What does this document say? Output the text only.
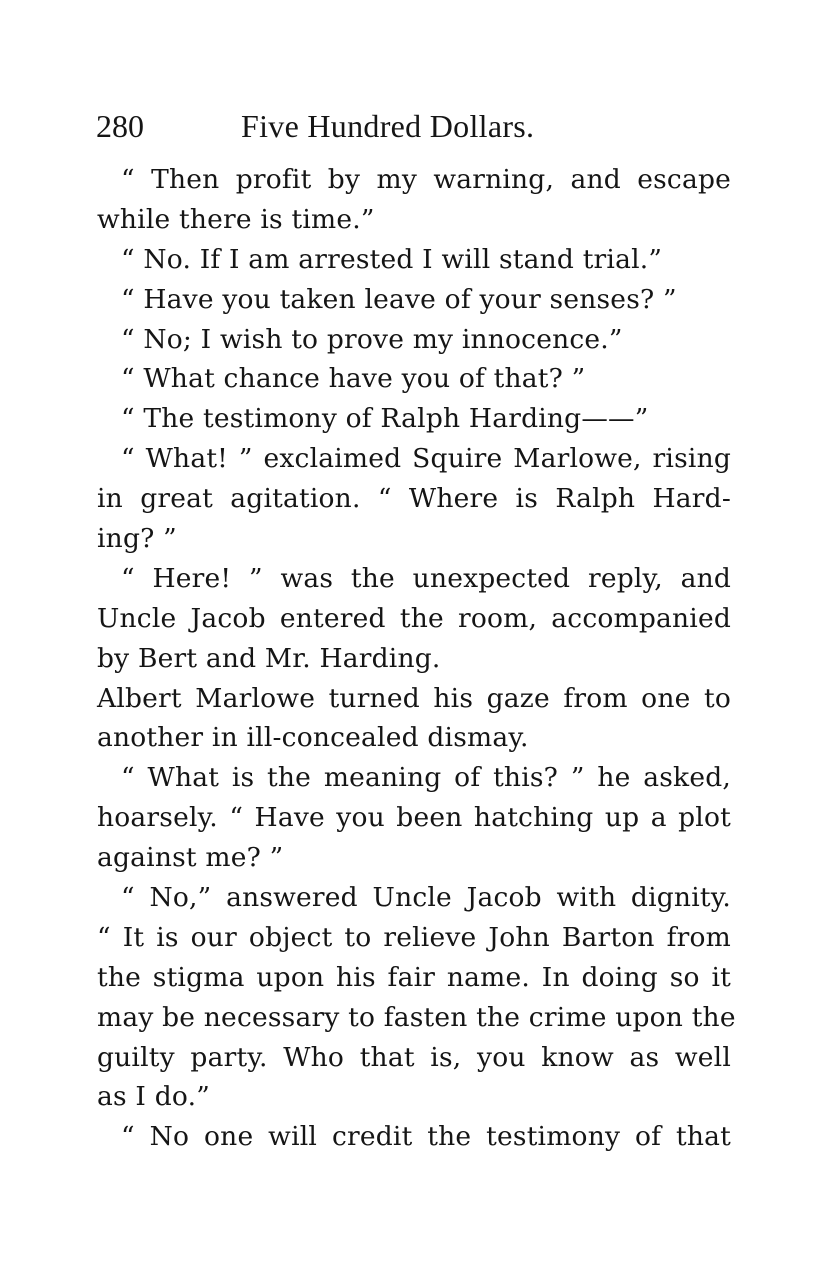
280	Five Hundred Dollars.
“ Then profit by my warning, and escape
while there is time.”
“ No. If I am arrested I will stand trial.”
“ Have you taken leave of your senses? ”
“ No; I wish to prove my innocence.”
“ What chance have you of that? ”
“ The testimony of Ralph Harding——”
“ What! ” exclaimed Squire Marlowe, rising
in great agitation. “ Where is Ralph Hard-
ing? ”
“ Here! ” was the unexpected reply, and
Uncle Jacob entered the room, accompanied
by Bert and Mr. Harding.
Albert Marlowe turned his gaze from one to
another in ill-concealed dismay.
“ What is the meaning of this? ” he asked,
hoarsely. “ Have you been hatching up a plot
against me? ”
“ No,” answered Uncle Jacob with dignity.
“ It is our object to relieve John Barton from
the stigma upon his fair name. In doing so it
may be necessary to fasten the crime upon the
guilty party. Who that is, you know as well
as I do.”
“ No one will credit the testimony of that
